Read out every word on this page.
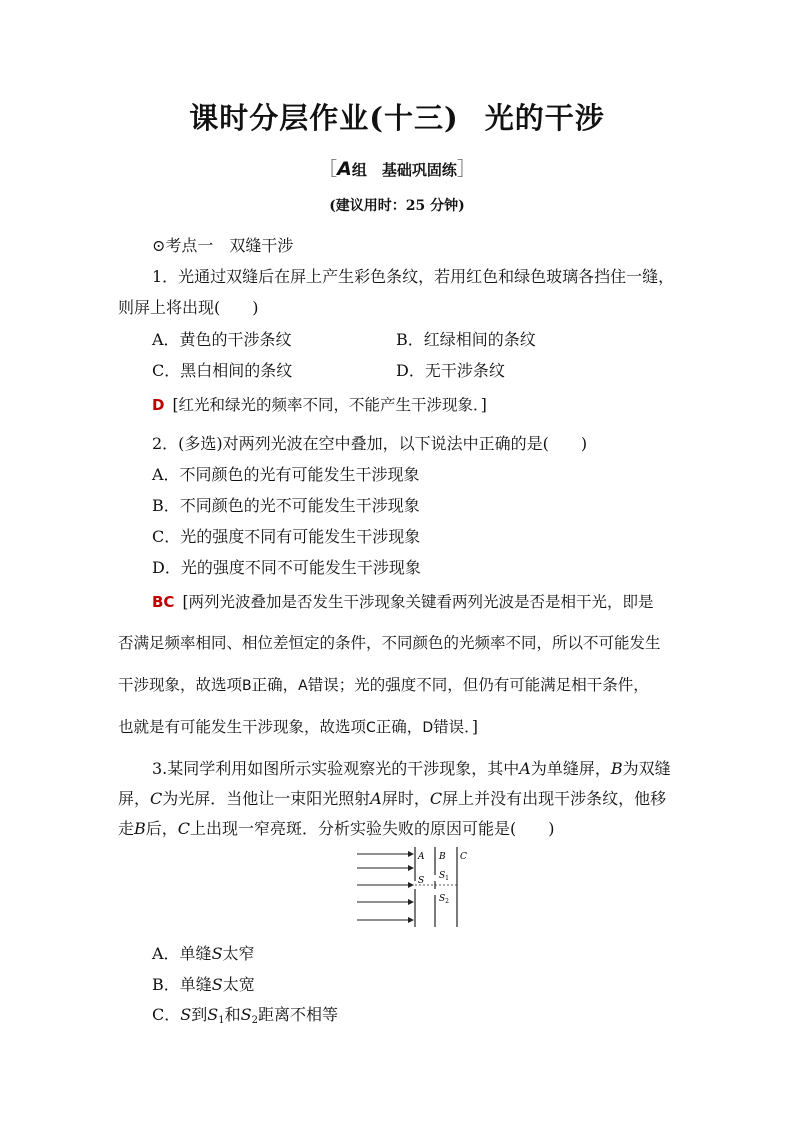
课时分层作业(十三) 光的干涉
［A组　基础巩固练］
(建议用时：25 分钟)
⊙考点一　双缝干涉
1．光通过双缝后在屏上产生彩色条纹，若用红色和绿色玻璃各挡住一缝，
则屏上将出现(　　)
A．黄色的干涉条纹	B．红绿相间的条纹
C．黑白相间的条纹	D．无干涉条纹
D [红光和绿光的频率不同，不能产生干涉现象．]
2．(多选)对两列光波在空中叠加，以下说法中正确的是(　　)
A．不同颜色的光有可能发生干涉现象
B．不同颜色的光不可能发生干涉现象
C．光的强度不同有可能发生干涉现象
D．光的强度不同不可能发生干涉现象
BC [两列光波叠加是否发生干涉现象关键看两列光波是否是相干光，即是
否满足频率相同、相位差恒定的条件，不同颜色的光频率不同，所以不可能发生
干涉现象，故选项B正确，A错误；光的强度不同，但仍有可能满足相干条件，
也就是有可能发生干涉现象，故选项C正确，D错误．]
3.某同学利用如图所示实验观察光的干涉现象，其中A为单缝屏，B为双缝
屏，C为光屏．当他让一束阳光照射A屏时，C屏上并没有出现干涉条纹，他移
走B后，C上出现一窄亮斑．分析实验失败的原因可能是(　　)
A B C
S $S_1$
$S_2$
A．单缝S太窄
B．单缝S太宽
C．S到$S_1$和$S_2$距离不相等
